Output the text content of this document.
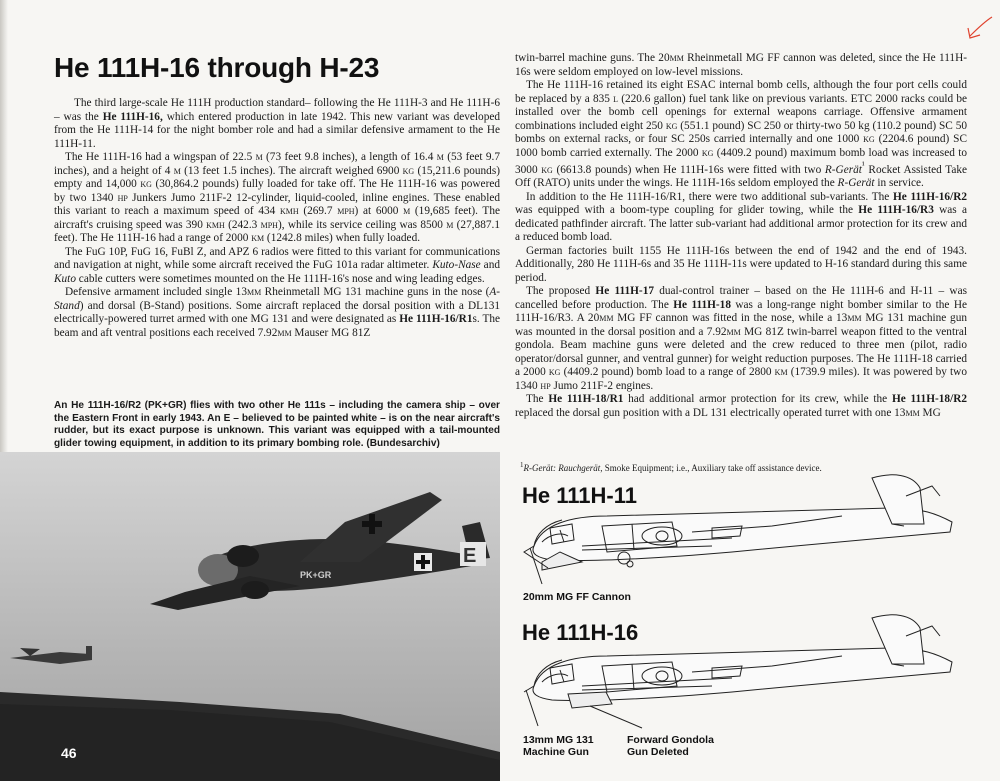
He 111H-16 through H-23

The third large-scale He 111H production standard– following the He 111H-3 and He 111H-6 – was the He 111H-16, which entered production in late 1942. This new variant was developed from the He 111H-14 for the night bomber role and had a similar defensive armament to the He 111H-11.

The He 111H-16 had a wingspan of 22.5 m (73 feet 9.8 inches), a length of 16.4 m (53 feet 9.7 inches), and a height of 4 m (13 feet 1.5 inches). The aircraft weighed 6900 kg (15,211.6 pounds) empty and 14,000 kg (30,864.2 pounds) fully loaded for take off. The He 111H-16 was powered by two 1340 hp Junkers Jumo 211F-2 12-cylinder, liquid-cooled, inline engines. These enabled this variant to reach a maximum speed of 434 kmh (269.7 mph) at 6000 m (19,685 feet). The aircraft's cruising speed was 390 kmh (242.3 mph), while its service ceiling was 8500 m (27,887.1 feet). The He 111H-16 had a range of 2000 km (1242.8 miles) when fully loaded.

The FuG 10P, FuG 16, FuBl Z, and APZ 6 radios were fitted to this variant for communications and navigation at night, while some aircraft received the FuG 101a radar altimeter. Kuto-Nase and Kuto cable cutters were sometimes mounted on the He 111H-16's nose and wing leading edges.

Defensive armament included single 13mm Rheinmetall MG 131 machine guns in the nose (A-Stand) and dorsal (B-Stand) positions. Some aircraft replaced the dorsal position with a DL131 electrically-powered turret armed with one MG 131 and were designated as He 111H-16/R1s. The beam and aft ventral positions each received 7.92mm Mauser MG 81Z

An He 111H-16/R2 (PK+GR) flies with two other He 111s – including the camera ship – over the Eastern Front in early 1943. An E – believed to be painted white – is on the near aircraft's rudder, but its exact purpose is unknown. This variant was equipped with a tail-mounted glider towing equipment, in addition to its primary bombing role. (Bundesarchiv)
E
PK+GR
46

twin-barrel machine guns. The 20mm Rheinmetall MG FF cannon was deleted, since the He 111H-16s were seldom employed on low-level missions.

The He 111H-16 retained its eight ESAC internal bomb cells, although the four port cells could be replaced by a 835 l (220.6 gallon) fuel tank like on previous variants. ETC 2000 racks could be installed over the bomb cell openings for external weapons carriage. Offensive armament combinations included eight 250 kg (551.1 pound) SC 250 or thirty-two 50 kg (110.2 pound) SC 50 bombs on external racks, or four SC 250s carried internally and one 1000 kg (2204.6 pound) SC 1000 bomb carried externally. The 2000 kg (4409.2 pound) maximum bomb load was increased to 3000 kg (6613.8 pounds) when He 111H-16s were fitted with two R-Gerät$^{^1}$ Rocket Assisted Take Off (RATO) units under the wings. He 111H-16s seldom employed the R-Gerät in service.

In addition to the He 111H-16/R1, there were two additional sub-variants. The He 111H-16/R2 was equipped with a boom-type coupling for glider towing, while the He 111H-16/R3 was a dedicated pathfinder aircraft. The latter sub-variant had additional armor protection for its crew and a reduced bomb load.

German factories built 1155 He 111H-16s between the end of 1942 and the end of 1943. Additionally, 280 He 111H-6s and 35 He 111H-11s were updated to H-16 standard during this same period.

The proposed He 111H-17 dual-control trainer – based on the He 111H-6 and H-11 – was cancelled before production. The He 111H-18 was a long-range night bomber similar to the He 111H-16/R3. A 20mm MG FF cannon was fitted in the nose, while a 13mm MG 131 machine gun was mounted in the dorsal position and a 7.92mm MG 81Z twin-barrel weapon fitted to the ventral gondola. Beam machine guns were deleted and the crew reduced to three men (pilot, radio operator/dorsal gunner, and ventral gunner) for weight reduction purposes. The He 111H-18 carried a 2000 kg (4409.2 pound) bomb load to a range of 2800 km (1739.9 miles). It was powered by two 1340 hp Jumo 211F-2 engines.

The He 111H-18/R1 had additional armor protection for its crew, while the He 111H-18/R2 replaced the dorsal gun position with a DL 131 electrically operated turret with one 13mm MG

$^1$R-Gerät: Rauchgerät, Smoke Equipment; i.e., Auxiliary take off assistance device.
He 111H-11
20mm MG FF Cannon
He 111H-16
13mm MG 131 Machine Gun
Forward Gondola Gun Deleted
